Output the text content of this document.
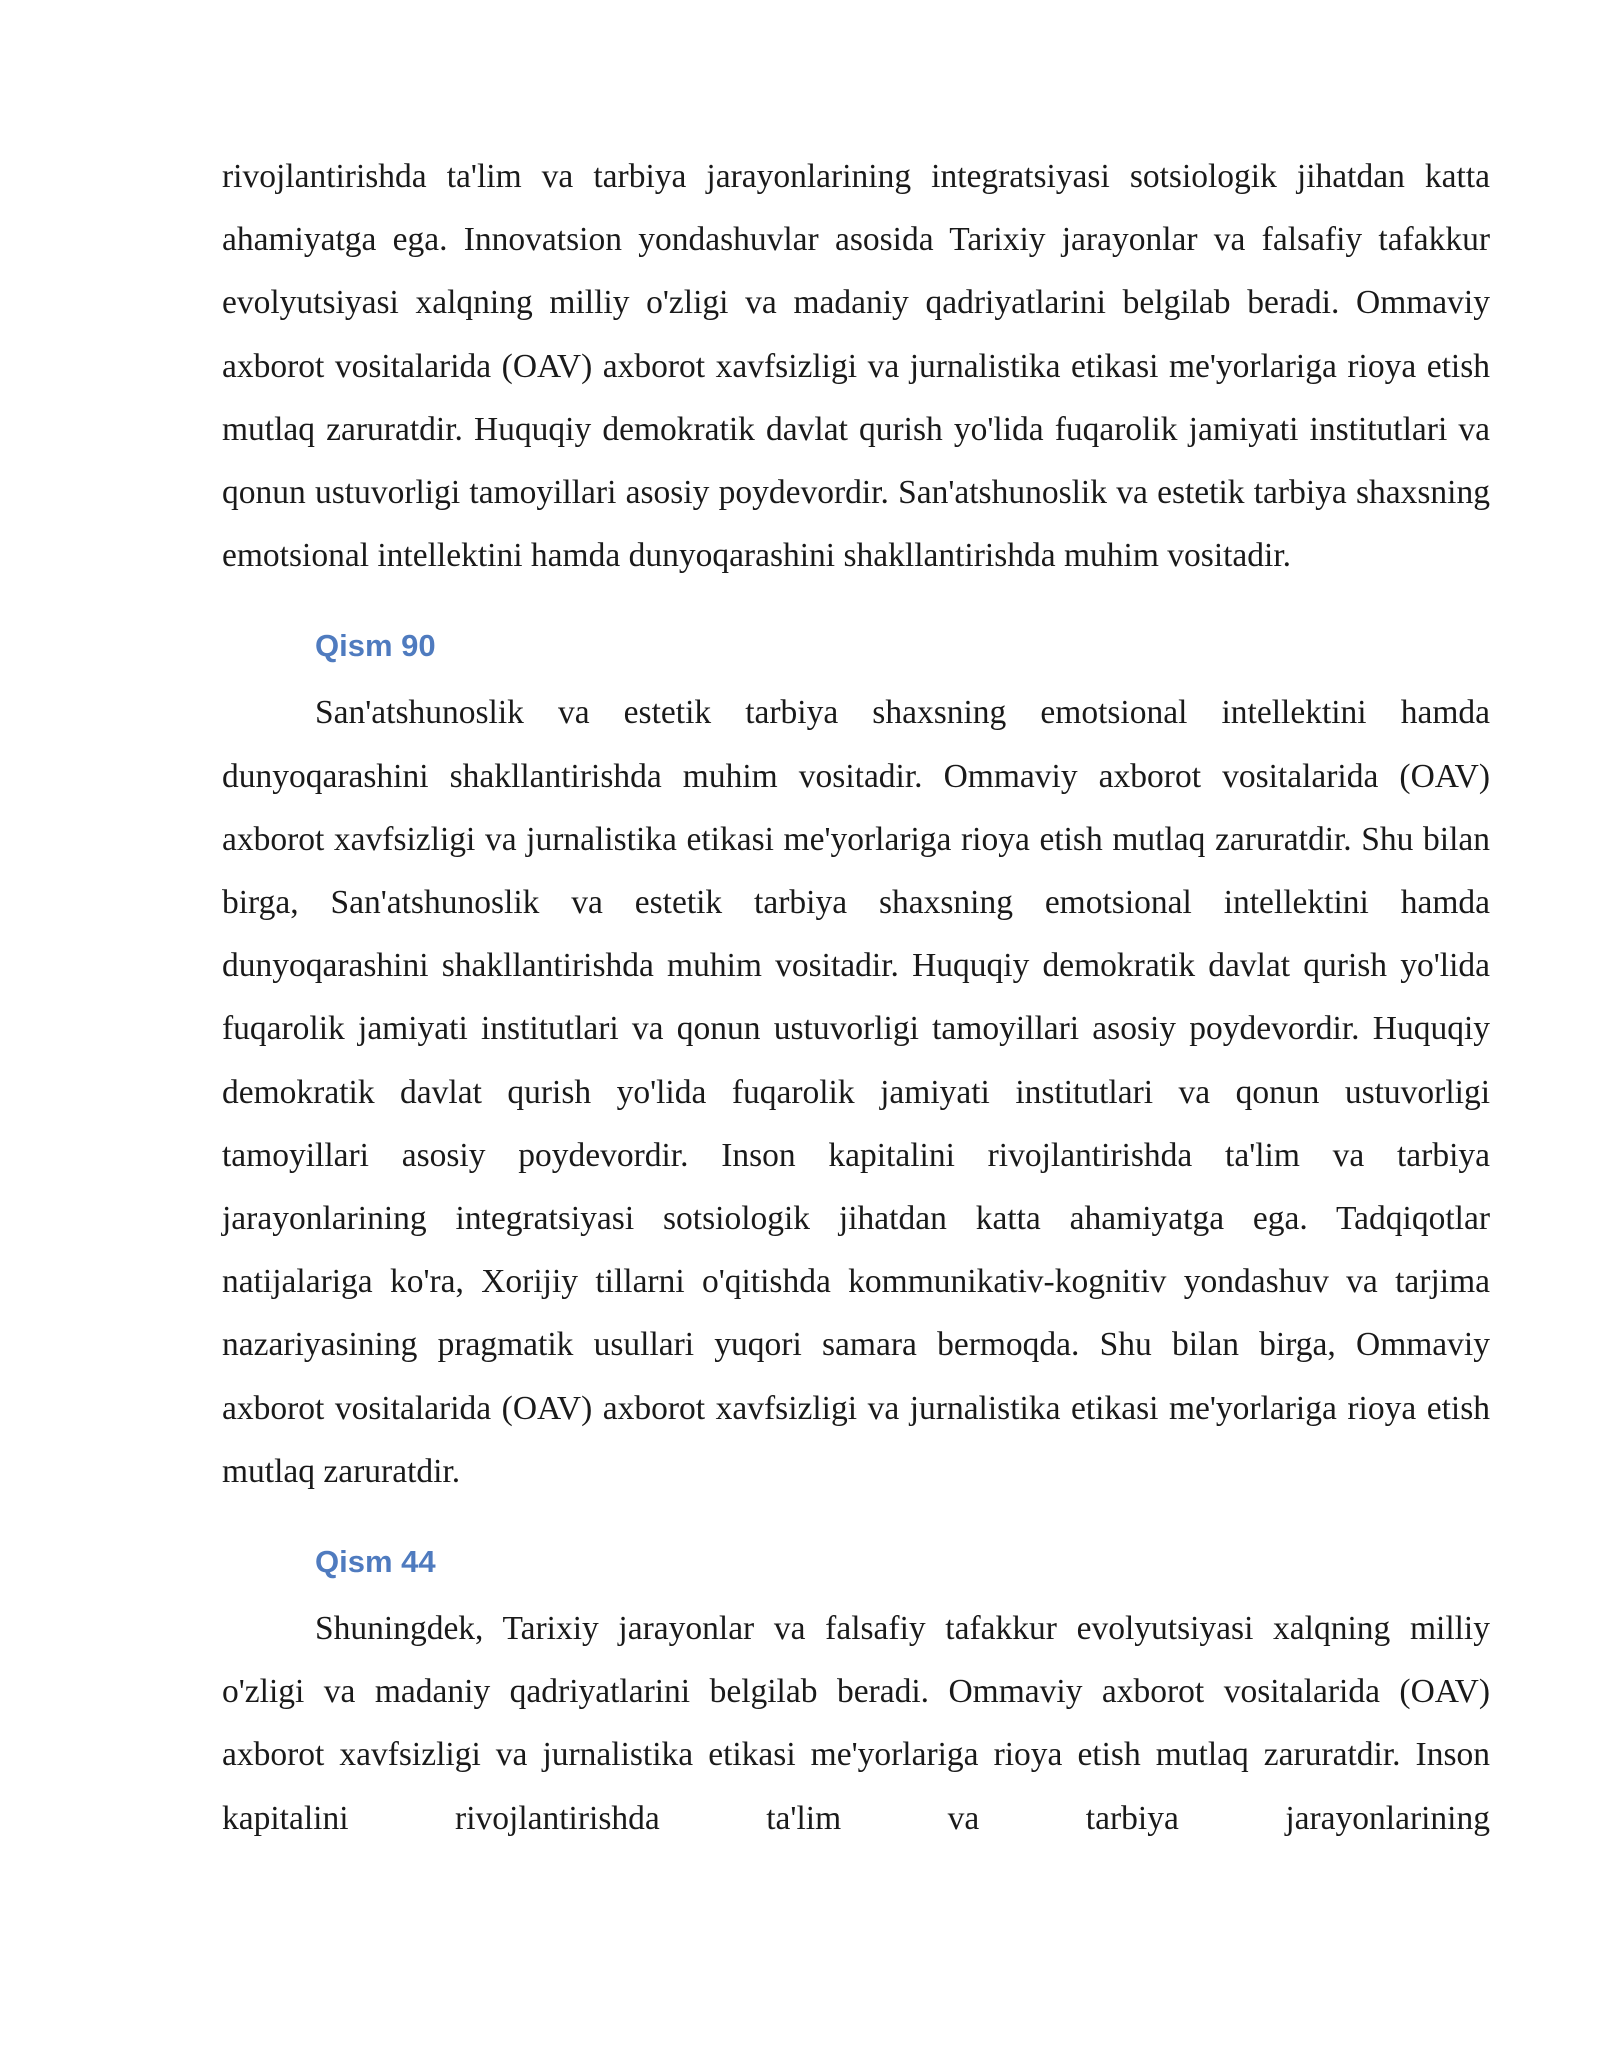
rivojlantirishda ta'lim va tarbiya jarayonlarining integratsiyasi sotsiologik jihatdan katta ahamiyatga ega. Innovatsion yondashuvlar asosida Tarixiy jarayonlar va falsafiy tafakkur evolyutsiyasi xalqning milliy o'zligi va madaniy qadriyatlarini belgilab beradi. Ommaviy axborot vositalarida (OAV) axborot xavfsizligi va jurnalistika etikasi me'yorlariga rioya etish mutlaq zaruratdir. Huquqiy demokratik davlat qurish yo'lida fuqarolik jamiyati institutlari va qonun ustuvorligi tamoyillari asosiy poydevordir. San'atshunoslik va estetik tarbiya shaxsning emotsional intellektini hamda dunyoqarashini shakllantirishda muhim vositadir.

Qism 90

San'atshunoslik va estetik tarbiya shaxsning emotsional intellektini hamda dunyoqarashini shakllantirishda muhim vositadir. Ommaviy axborot vositalarida (OAV) axborot xavfsizligi va jurnalistika etikasi me'yorlariga rioya etish mutlaq zaruratdir. Shu bilan birga, San'atshunoslik va estetik tarbiya shaxsning emotsional intellektini hamda dunyoqarashini shakllantirishda muhim vositadir. Huquqiy demokratik davlat qurish yo'lida fuqarolik jamiyati institutlari va qonun ustuvorligi tamoyillari asosiy poydevordir. Huquqiy demokratik davlat qurish yo'lida fuqarolik jamiyati institutlari va qonun ustuvorligi tamoyillari asosiy poydevordir. Inson kapitalini rivojlantirishda ta'lim va tarbiya jarayonlarining integratsiyasi sotsiologik jihatdan katta ahamiyatga ega. Tadqiqotlar natijalariga ko'ra, Xorijiy tillarni o'qitishda kommunikativ-kognitiv yondashuv va tarjima nazariyasining pragmatik usullari yuqori samara bermoqda. Shu bilan birga, Ommaviy axborot vositalarida (OAV) axborot xavfsizligi va jurnalistika etikasi me'yorlariga rioya etish mutlaq zaruratdir.

Qism 44

Shuningdek, Tarixiy jarayonlar va falsafiy tafakkur evolyutsiyasi xalqning milliy o'zligi va madaniy qadriyatlarini belgilab beradi. Ommaviy axborot vositalarida (OAV) axborot xavfsizligi va jurnalistika etikasi me'yorlariga rioya etish mutlaq zaruratdir. Inson kapitalini rivojlantirishda ta'lim va tarbiya jarayonlarining
